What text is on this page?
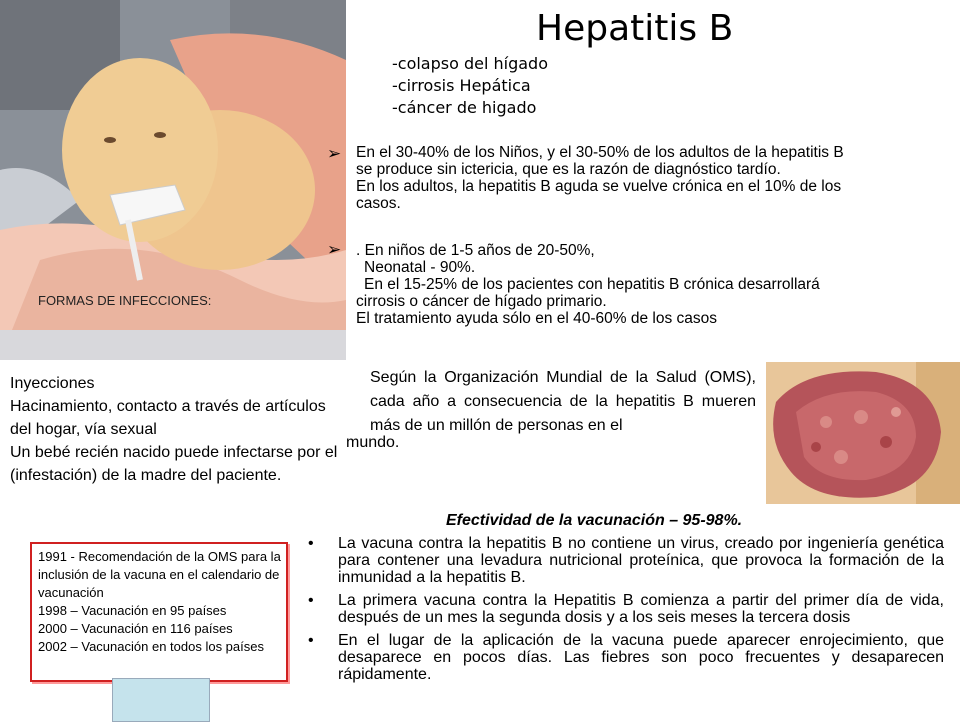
Hepatitis B
-colapso del hígado
-cirrosis Hepática
-cáncer de higado
➢ En el 30-40% de los Niños, y el 30-50% de los adultos de la hepatitis B
se produce sin ictericia, que es la razón de diagnóstico tardío.
En los adultos, la hepatitis B aguda se vuelve crónica en el 10% de los
casos.
➢ . En niños de 1-5 años de 20-50%,
Neonatal - 90%.
En el 15-25% de los pacientes con hepatitis B crónica desarrollará
cirrosis o cáncer de hígado primario.
El tratamiento ayuda sólo en el 40-60% de los casos
FORMAS DE INFECCIONES:
Inyecciones
Hacinamiento, contacto a través de artículos del hogar, vía sexual
Un bebé recién nacido puede infectarse por el (infestación) de la madre del paciente.
Según la Organización Mundial de la Salud (OMS), cada año a consecuencia de la hepatitis B mueren más de un millón de personas en el
mundo.
Efectividad de la vacunación – 95-98%.
• La vacuna contra la hepatitis B no contiene un virus, creado por ingeniería genética para contener una levadura nutricional proteínica, que provoca la formación de la inmunidad a la hepatitis B.
• La primera vacuna contra la Hepatitis B comienza a partir del primer día de vida, después de un mes la segunda dosis y a los seis meses la tercera dosis
• En el lugar de la aplicación de la vacuna puede aparecer enrojecimiento, que desaparece en pocos días. Las fiebres son poco frecuentes y desaparecen rápidamente.
1991 - Recomendación de la OMS para la inclusión de la vacuna en el calendario de vacunación
1998 – Vacunación en 95 países
2000 – Vacunación en 116 países
2002 – Vacunación en todos los países
